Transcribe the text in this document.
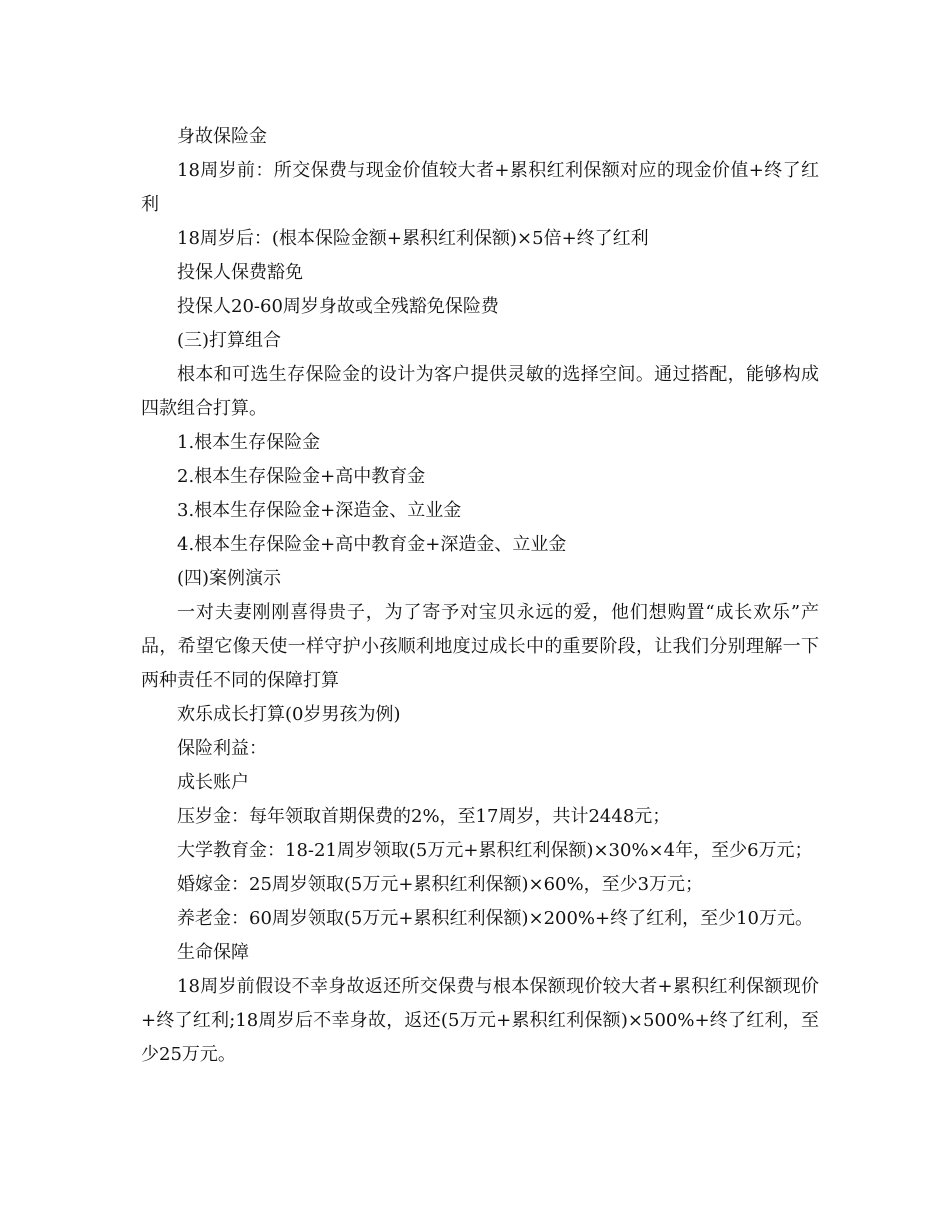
身故保险金

18周岁前：所交保费与现金价值较大者+累积红利保额对应的现金价值+终了红利

18周岁后：(根本保险金额+累积红利保额)×5倍+终了红利

投保人保费豁免

投保人20-60周岁身故或全残豁免保险费

(三)打算组合

根本和可选生存保险金的设计为客户提供灵敏的选择空间。通过搭配，能够构成四款组合打算。

1.根本生存保险金

2.根本生存保险金+高中教育金

3.根本生存保险金+深造金、立业金

4.根本生存保险金+高中教育金+深造金、立业金

(四)案例演示

一对夫妻刚刚喜得贵子，为了寄予对宝贝永远的爱，他们想购置“成长欢乐”产品，希望它像天使一样守护小孩顺利地度过成长中的重要阶段，让我们分别理解一下两种责任不同的保障打算

欢乐成长打算(0岁男孩为例)

保险利益：

成长账户

压岁金：每年领取首期保费的2%，至17周岁，共计2448元；

大学教育金：18-21周岁领取(5万元+累积红利保额)×30%×4年，至少6万元；

婚嫁金：25周岁领取(5万元+累积红利保额)×60%，至少3万元；

养老金：60周岁领取(5万元+累积红利保额)×200%+终了红利，至少10万元。

生命保障

18周岁前假设不幸身故返还所交保费与根本保额现价较大者+累积红利保额现价+终了红利;18周岁后不幸身故，返还(5万元+累积红利保额)×500%+终了红利，至少25万元。
